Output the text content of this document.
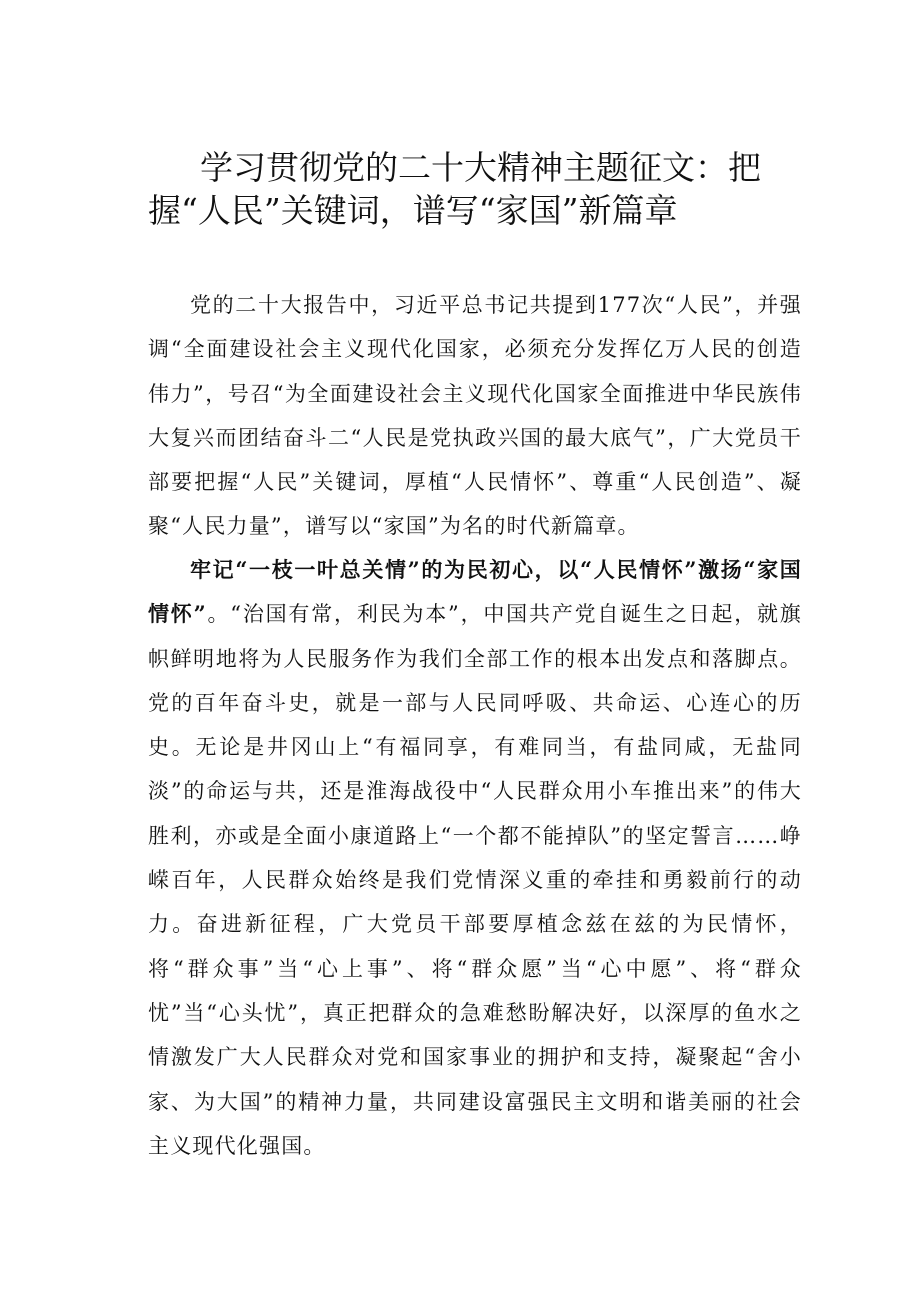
学习贯彻党的二十大精神主题征文：把握“人民”关键词，谱写“家国”新篇章

党的二十大报告中，习近平总书记共提到177次“人民”，并强调“全面建设社会主义现代化国家，必须充分发挥亿万人民的创造伟力”，号召“为全面建设社会主义现代化国家全面推进中华民族伟大复兴而团结奋斗二“人民是党执政兴国的最大底气”，广大党员干部要把握“人民”关键词，厚植“人民情怀”、尊重“人民创造”、凝聚“人民力量”，谱写以“家国”为名的时代新篇章。

牢记“一枝一叶总关情”的为民初心，以“人民情怀”激扬“家国情怀”。“治国有常，利民为本”，中国共产党自诞生之日起，就旗帜鲜明地将为人民服务作为我们全部工作的根本出发点和落脚点。党的百年奋斗史，就是一部与人民同呼吸、共命运、心连心的历史。无论是井冈山上“有福同享，有难同当，有盐同咸，无盐同淡”的命运与共，还是淮海战役中“人民群众用小车推出来”的伟大胜利，亦或是全面小康道路上“一个都不能掉队”的坚定誓言……峥嵘百年，人民群众始终是我们党情深义重的牵挂和勇毅前行的动力。奋进新征程，广大党员干部要厚植念兹在兹的为民情怀，将“群众事”当“心上事”、将“群众愿”当“心中愿”、将“群众忧”当“心头忧”，真正把群众的急难愁盼解决好，以深厚的鱼水之情激发广大人民群众对党和国家事业的拥护和支持，凝聚起“舍小家、为大国”的精神力量，共同建设富强民主文明和谐美丽的社会主义现代化强国。
